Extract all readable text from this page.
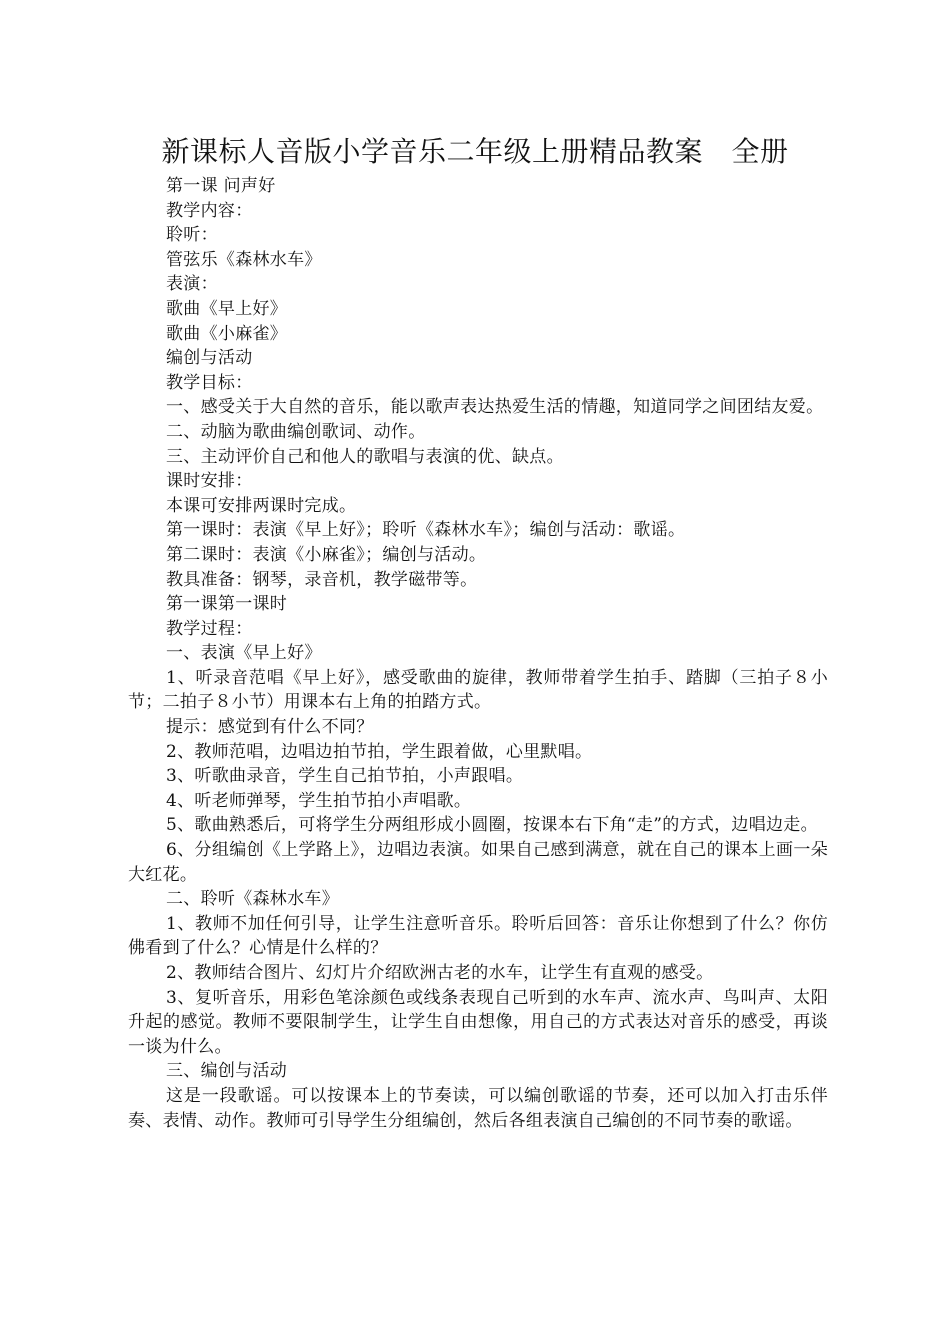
新课标人音版小学音乐二年级上册精品教案　全册

第一课 问声好

教学内容：

聆听：

管弦乐《森林水车》

表演：

歌曲《早上好》

歌曲《小麻雀》

编创与活动

教学目标：

一、感受关于大自然的音乐，能以歌声表达热爱生活的情趣，知道同学之间团结友爱。

二、动脑为歌曲编创歌词、动作。

三、主动评价自己和他人的歌唱与表演的优、缺点。

课时安排：

本课可安排两课时完成。

第一课时：表演《早上好》；聆听《森林水车》；编创与活动：歌谣。

第二课时：表演《小麻雀》；编创与活动。

教具准备：钢琴，录音机，教学磁带等。

第一课第一课时

教学过程：

一、表演《早上好》

1、听录音范唱《早上好》，感受歌曲的旋律，教师带着学生拍手、踏脚（三拍子８小节；二拍子８小节）用课本右上角的拍踏方式。

提示：感觉到有什么不同？

2、教师范唱，边唱边拍节拍，学生跟着做，心里默唱。

3、听歌曲录音，学生自己拍节拍，小声跟唱。

4、听老师弹琴，学生拍节拍小声唱歌。

5、歌曲熟悉后，可将学生分两组形成小圆圈，按课本右下角“走”的方式，边唱边走。

6、分组编创《上学路上》，边唱边表演。如果自己感到满意，就在自己的课本上画一朵大红花。

二、聆听《森林水车》

1、教师不加任何引导，让学生注意听音乐。聆听后回答：音乐让你想到了什么？你仿佛看到了什么？心情是什么样的？

2、教师结合图片、幻灯片介绍欧洲古老的水车，让学生有直观的感受。

3、复听音乐，用彩色笔涂颜色或线条表现自己听到的水车声、流水声、鸟叫声、太阳升起的感觉。教师不要限制学生，让学生自由想像，用自己的方式表达对音乐的感受，再谈一谈为什么。

三、编创与活动

这是一段歌谣。可以按课本上的节奏读，可以编创歌谣的节奏，还可以加入打击乐伴奏、表情、动作。教师可引导学生分组编创，然后各组表演自己编创的不同节奏的歌谣。
